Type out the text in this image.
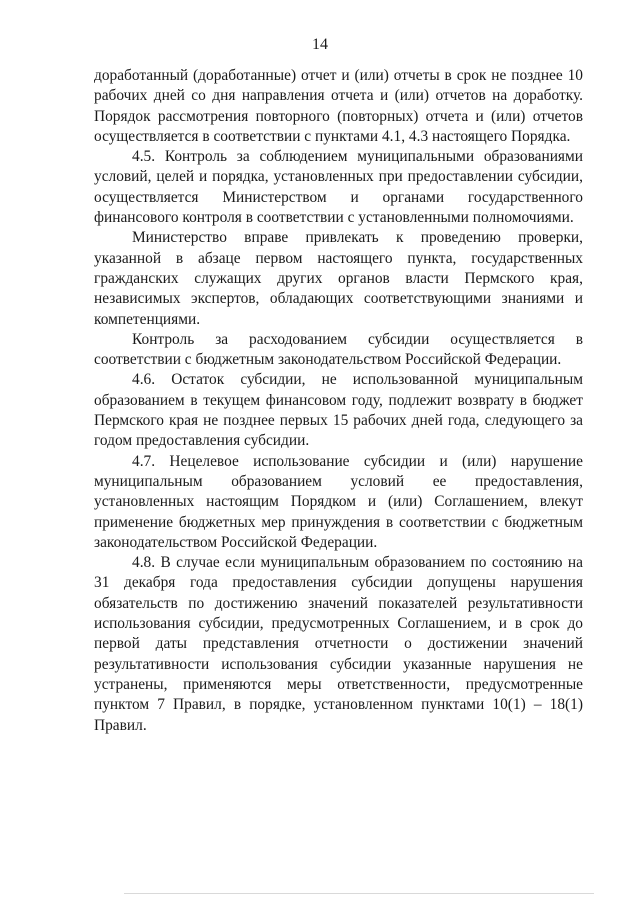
14

доработанный (доработанные) отчет и (или) отчеты в срок не позднее 10 рабочих дней со дня направления отчета и (или) отчетов на доработку. Порядок рассмотрения повторного (повторных) отчета и (или) отчетов осуществляется в соответствии с пунктами 4.1, 4.3 настоящего Порядка.

4.5. Контроль за соблюдением муниципальными образованиями условий, целей и порядка, установленных при предоставлении субсидии, осуществляется Министерством и органами государственного финансового контроля в соответствии с установленными полномочиями.

Министерство вправе привлекать к проведению проверки, указанной в абзаце первом настоящего пункта, государственных гражданских служащих других органов власти Пермского края, независимых экспертов, обладающих соответствующими знаниями и компетенциями.

Контроль за расходованием субсидии осуществляется в соответствии с бюджетным законодательством Российской Федерации.

4.6. Остаток субсидии, не использованной муниципальным образованием в текущем финансовом году, подлежит возврату в бюджет Пермского края не позднее первых 15 рабочих дней года, следующего за годом предоставления субсидии.

4.7. Нецелевое использование субсидии и (или) нарушение муниципальным образованием условий ее предоставления, установленных настоящим Порядком и (или) Соглашением, влекут применение бюджетных мер принуждения в соответствии с бюджетным законодательством Российской Федерации.

4.8. В случае если муниципальным образованием по состоянию на 31 декабря года предоставления субсидии допущены нарушения обязательств по достижению значений показателей результативности использования субсидии, предусмотренных Соглашением, и в срок до первой даты представления отчетности о достижении значений результативности использования субсидии указанные нарушения не устранены, применяются меры ответственности, предусмотренные пунктом 7 Правил, в порядке, установленном пунктами 10(1) – 18(1) Правил.
